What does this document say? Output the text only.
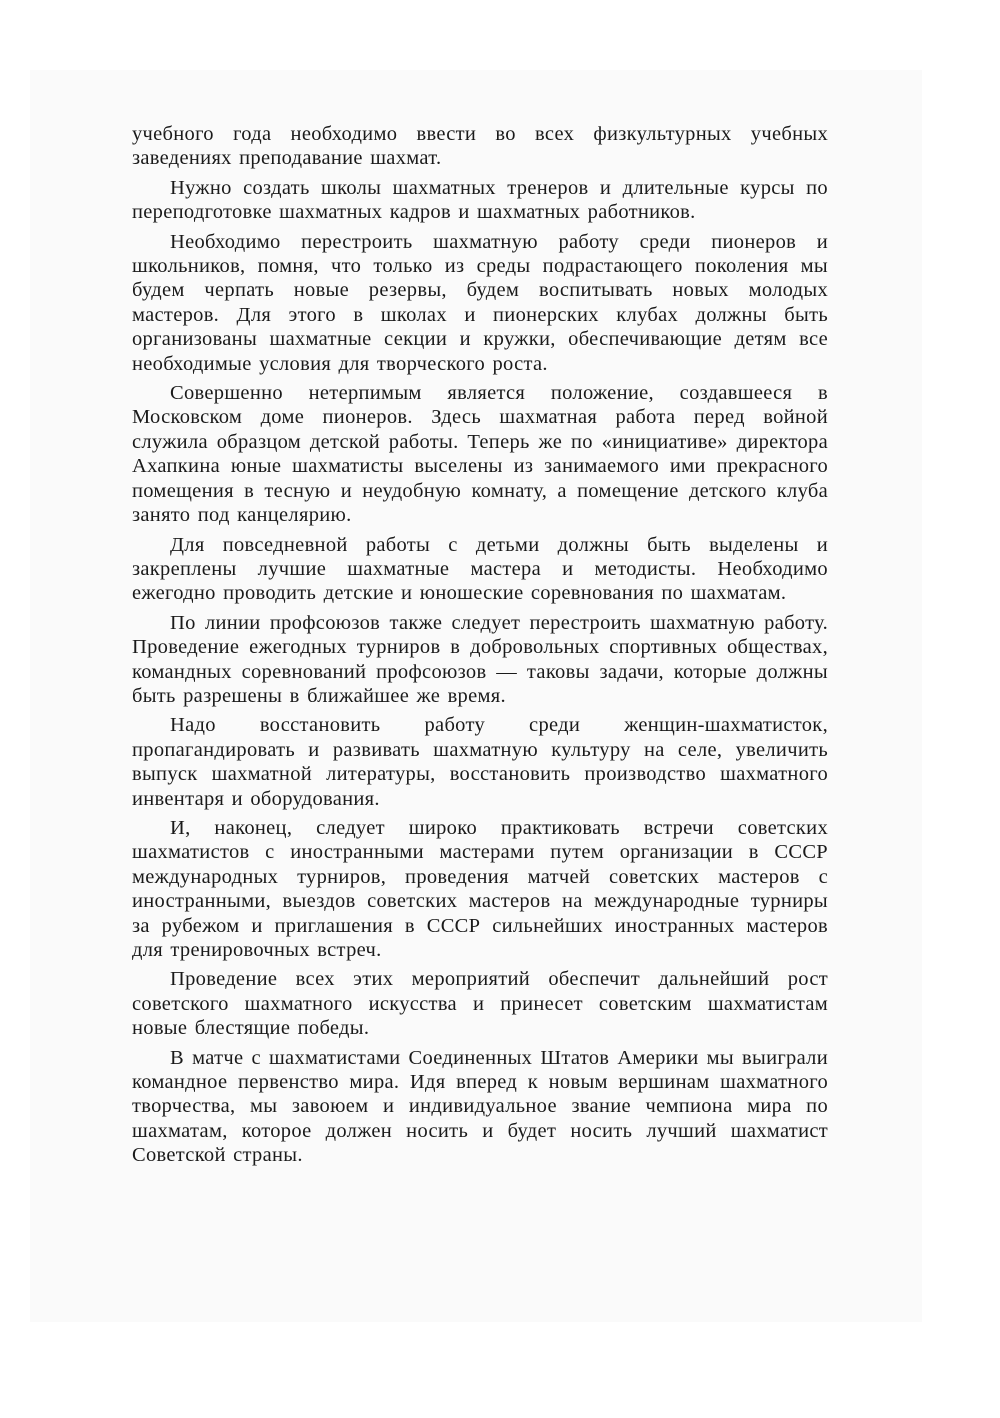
учебного года необходимо ввести во всех физкультурных учебных заведениях преподавание шахмат.

Нужно создать школы шахматных тренеров и длительные курсы по переподготовке шахматных кадров и шахматных работников.

Необходимо перестроить шахматную работу среди пионеров и школьников, помня, что только из среды подрастающего поколения мы будем черпать новые резервы, будем воспитывать новых молодых мастеров. Для этого в школах и пионерских клубах должны быть организованы шахматные секции и кружки, обеспечивающие детям все необходимые условия для творческого роста.

Совершенно нетерпимым является положение, создавшееся в Московском доме пионеров. Здесь шахматная работа перед войной служила образцом детской работы. Теперь же по «инициативе» директора Ахапкина юные шахматисты выселены из занимаемого ими прекрасного помещения в тесную и неудобную комнату, а помещение детского клуба занято под канцелярию.

Для повседневной работы с детьми должны быть выделены и закреплены лучшие шахматные мастера и методисты. Необходимо ежегодно проводить детские и юношеские соревнования по шахматам.

По линии профсоюзов также следует перестроить шахматную работу. Проведение ежегодных турниров в добровольных спортивных обществах, командных соревнований профсоюзов — таковы задачи, которые должны быть разрешены в ближайшее же время.

Надо восстановить работу среди женщин-шахматисток, пропагандировать и развивать шахматную культуру на селе, увеличить выпуск шахматной литературы, восстановить производство шахматного инвентаря и оборудования.

И, наконец, следует широко практиковать встречи советских шахматистов с иностранными мастерами путем организации в СССР международных турниров, проведения матчей советских мастеров с иностранными, выездов советских мастеров на международные турниры за рубежом и приглашения в СССР сильнейших иностранных мастеров для тренировочных встреч.

Проведение всех этих мероприятий обеспечит дальнейший рост советского шахматного искусства и принесет советским шахматистам новые блестящие победы.

В матче с шахматистами Соединенных Штатов Америки мы выиграли командное первенство мира. Идя вперед к новым вершинам шахматного творчества, мы завоюем и индивидуальное звание чемпиона мира по шахматам, которое должен носить и будет носить лучший шахматист Советской страны.
